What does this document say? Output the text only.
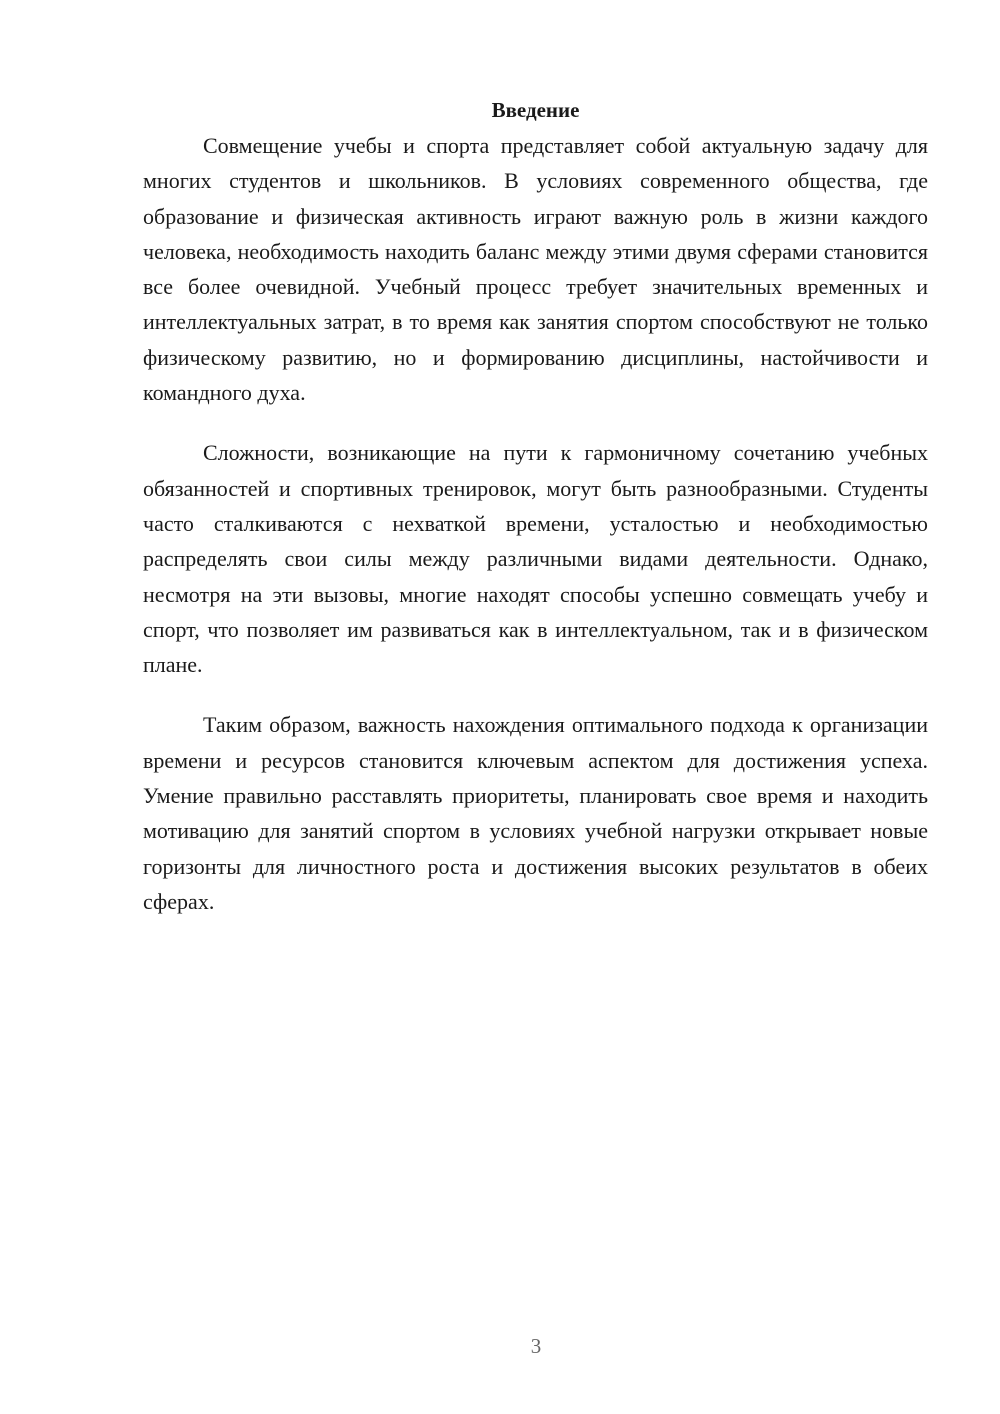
Введение

Совмещение учебы и спорта представляет собой актуальную задачу для многих студентов и школьников. В условиях современного общества, где образование и физическая активность играют важную роль в жизни каждого человека, необходимость находить баланс между этими двумя сферами становится все более очевидной. Учебный процесс требует значительных временных и интеллектуальных затрат, в то время как занятия спортом способствуют не только физическому развитию, но и формированию дисциплины, настойчивости и командного духа.

Сложности, возникающие на пути к гармоничному сочетанию учебных обязанностей и спортивных тренировок, могут быть разнообразными. Студенты часто сталкиваются с нехваткой времени, усталостью и необходимостью распределять свои силы между различными видами деятельности. Однако, несмотря на эти вызовы, многие находят способы успешно совмещать учебу и спорт, что позволяет им развиваться как в интеллектуальном, так и в физическом плане.

Таким образом, важность нахождения оптимального подхода к организации времени и ресурсов становится ключевым аспектом для достижения успеха. Умение правильно расставлять приоритеты, планировать свое время и находить мотивацию для занятий спортом в условиях учебной нагрузки открывает новые горизонты для личностного роста и достижения высоких результатов в обеих сферах.

3
